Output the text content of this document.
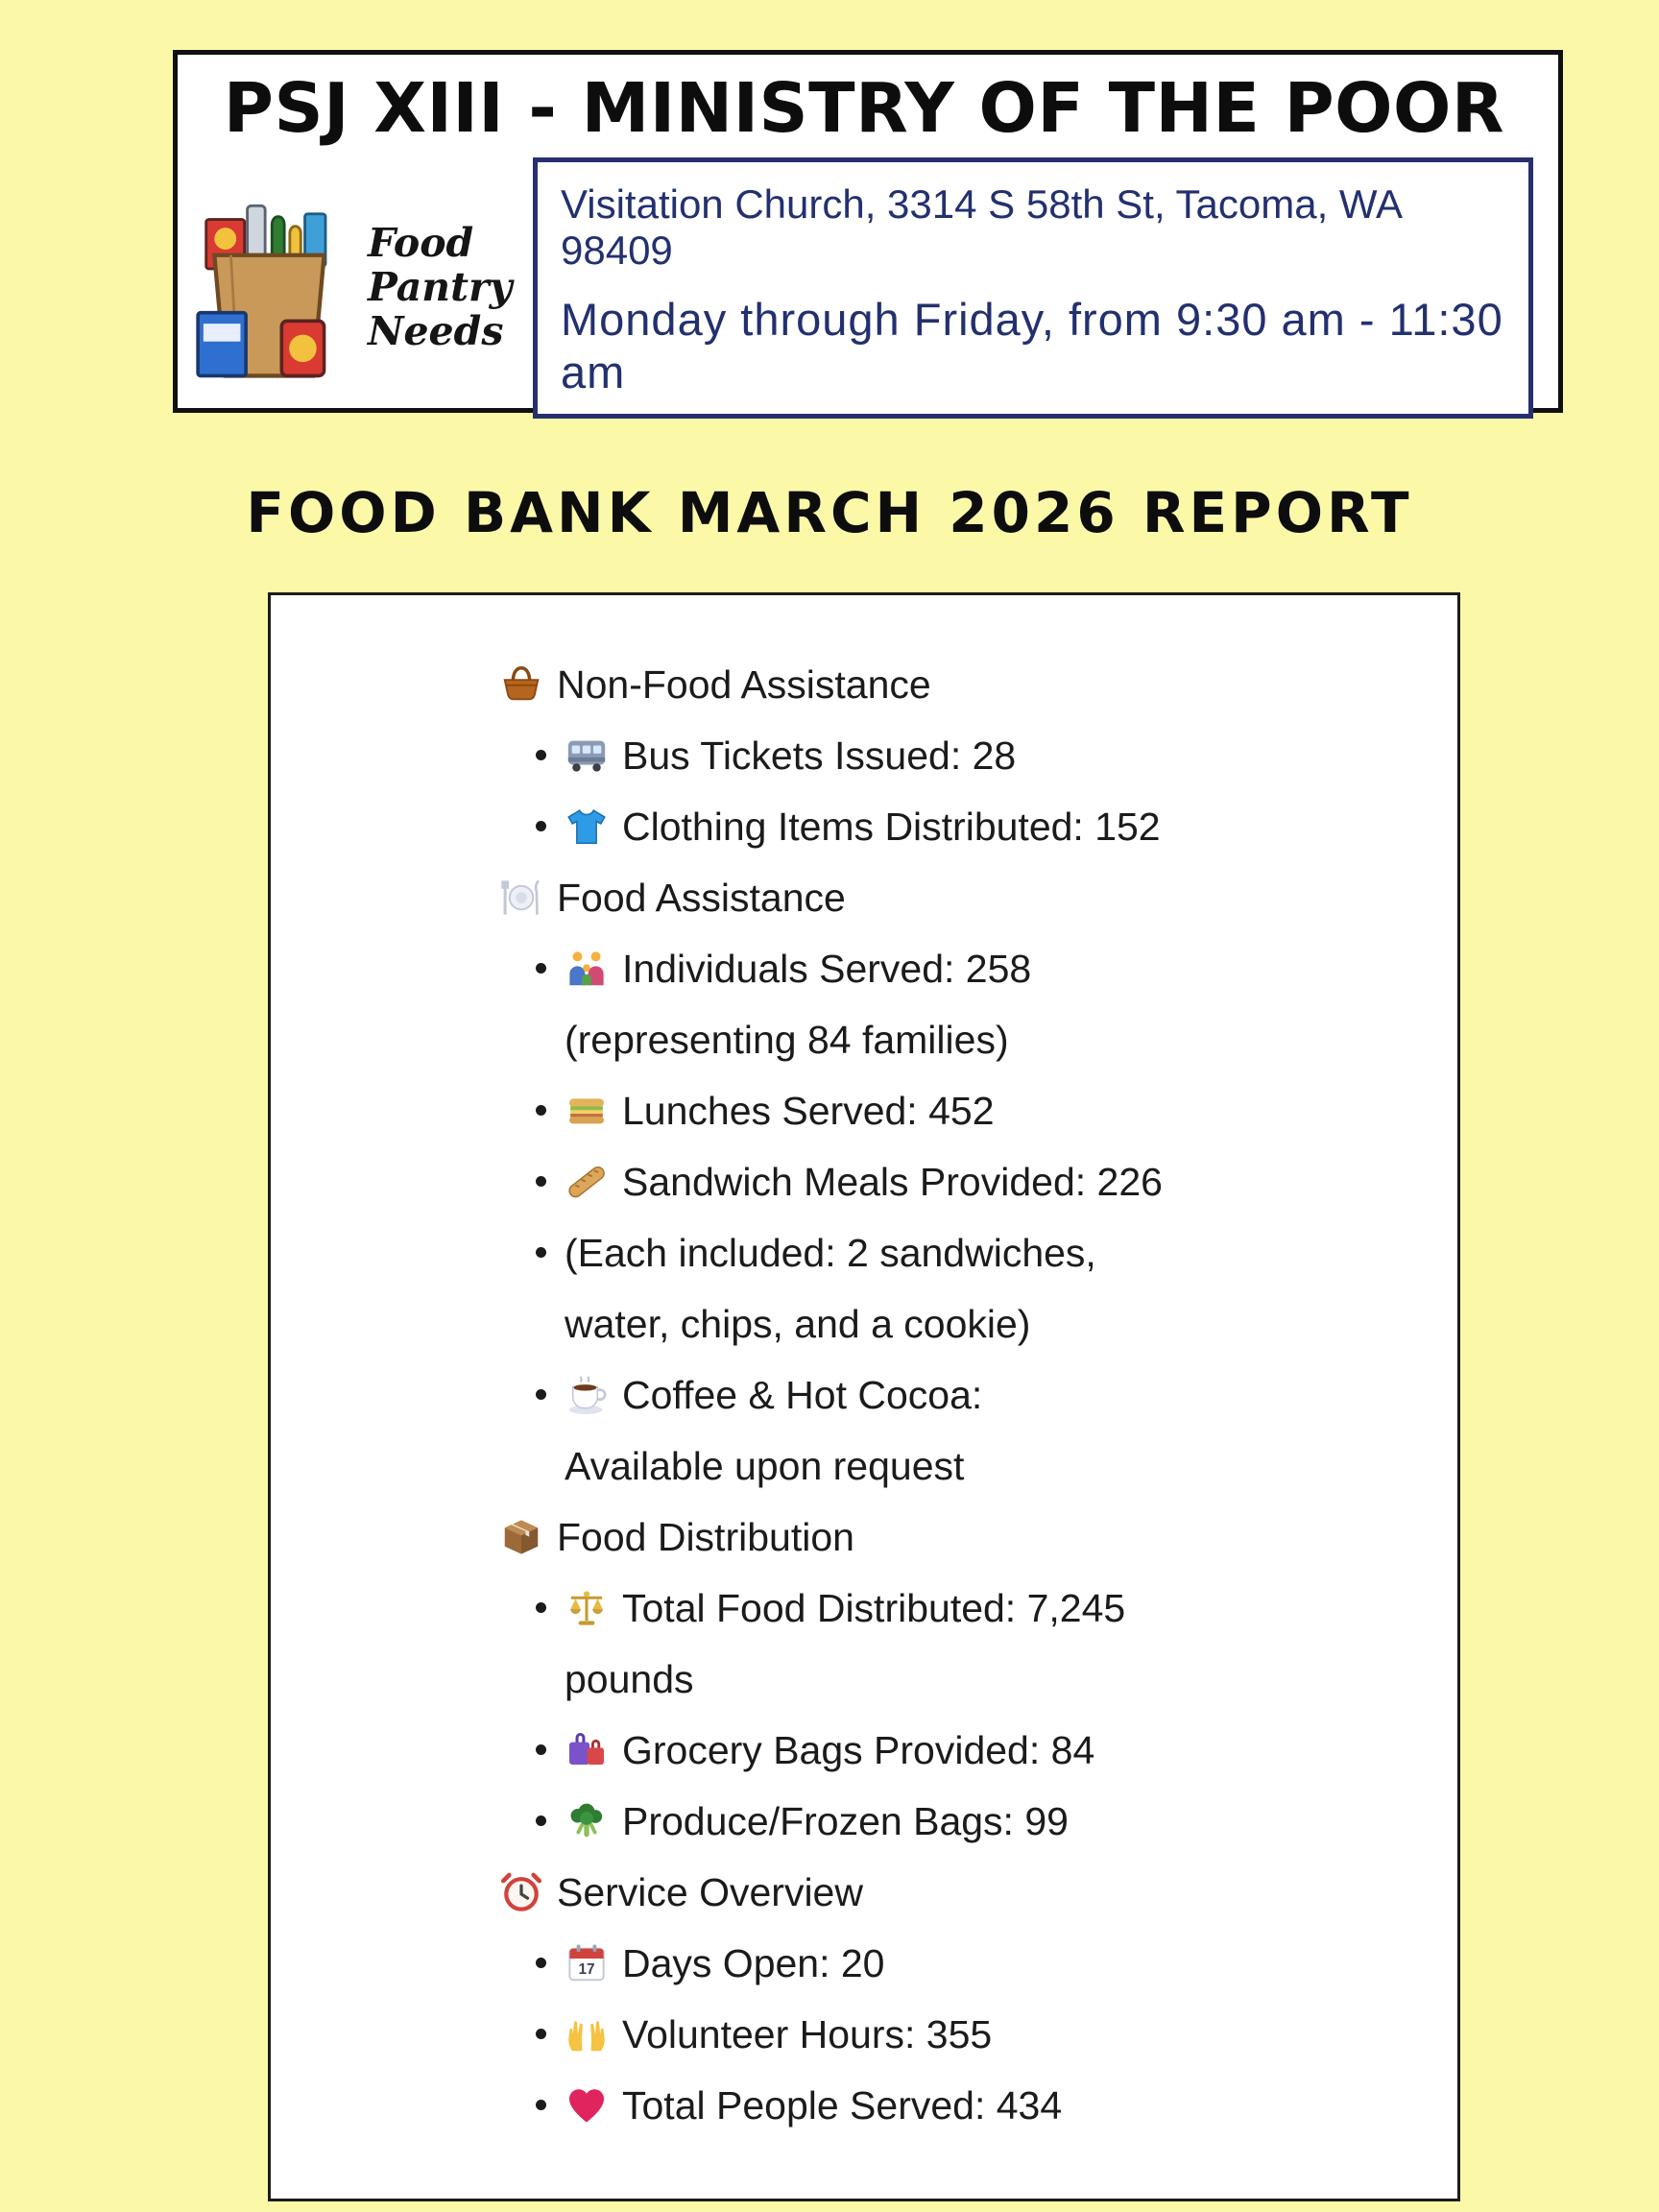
PSJ XIII - MINISTRY OF THE POOR
Food
Pantry
Needs
Visitation Church, 3314 S 58th St, Tacoma, WA 98409
Monday through Friday, from 9:30 am - 11:30 am
FOOD BANK MARCH 2026 REPORT
Non-Food Assistance
Bus Tickets Issued: 28
Clothing Items Distributed: 152
Food Assistance
Individuals Served: 258
(representing 84 families)
Lunches Served: 452
Sandwich Meals Provided: 226
(Each included: 2 sandwiches,
water, chips, and a cookie)
Coffee & Hot Cocoa:
Available upon request
Food Distribution
Total Food Distributed: 7,245
pounds
Grocery Bags Provided: 84
Produce/Frozen Bags: 99
Service Overview
17 Days Open: 20
Volunteer Hours: 355
Total People Served: 434
